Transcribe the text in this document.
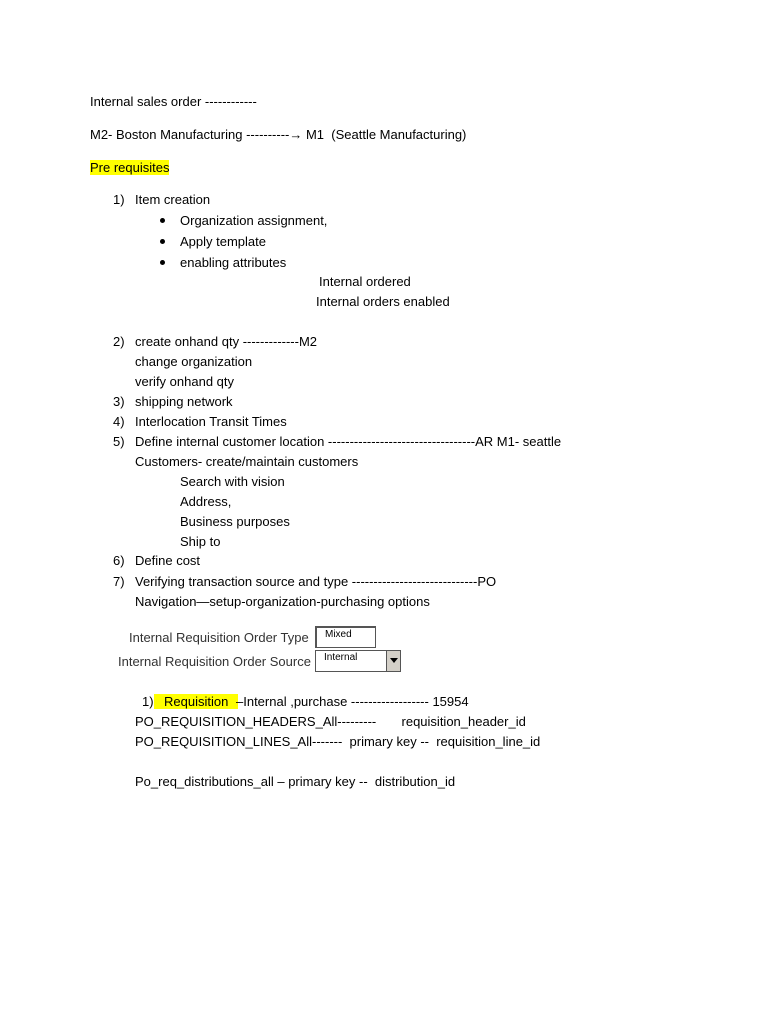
Internal sales order ------------
M2- Boston Manufacturing ----------→ M1  (Seattle Manufacturing)
Pre requisites
1) Item creation
Organization assignment,
Apply template
enabling attributes
Internal ordered
Internal orders enabled
2) create onhand qty -------------M2
change organization
verify onhand qty
3) shipping network
4) Interlocation Transit Times
5) Define internal customer location ----------------------------------AR M1- seattle
Customers- create/maintain customers
Search with vision
Address,
Business purposes
Ship to
6) Define cost
7) Verifying transaction source and type -----------------------------PO
Navigation—setup-organization-purchasing options
Internal Requisition Order Type	Mixed
Internal Requisition Order Source	Internal
1) Requisition –Internal ,purchase ------------------ 15954
PO_REQUISITION_HEADERS_All---------       requisition_header_id
PO_REQUISITION_LINES_All-------  primary key --  requisition_line_id
Po_req_distributions_all – primary key --  distribution_id
